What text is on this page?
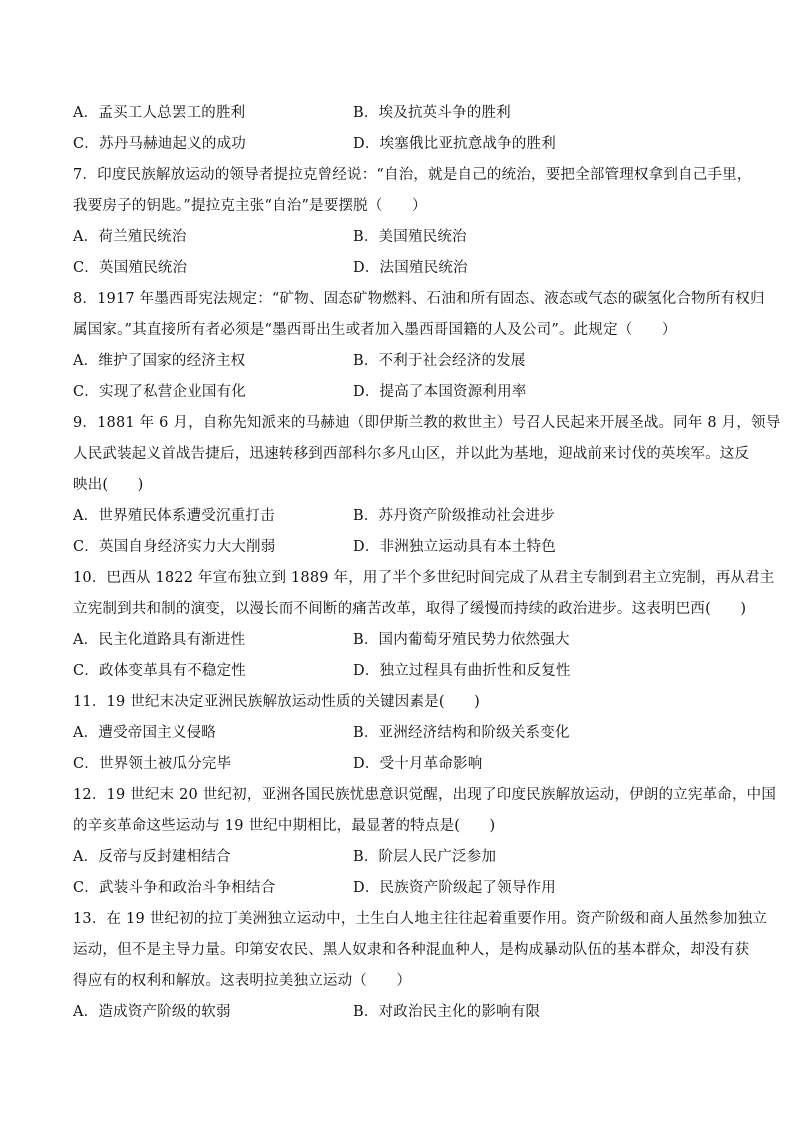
A．孟买工人总罢工的胜利	B．埃及抗英斗争的胜利
C．苏丹马赫迪起义的成功	D．埃塞俄比亚抗意战争的胜利
7．印度民族解放运动的领导者提拉克曾经说：“自治，就是自己的统治，要把全部管理权拿到自己手里，
我要房子的钥匙。”提拉克主张“自治”是要摆脱（　　）
A．荷兰殖民统治	B．美国殖民统治
C．英国殖民统治	D．法国殖民统治
8．1917 年墨西哥宪法规定：“矿物、固态矿物燃料、石油和所有固态、液态或气态的碳氢化合物所有权归
属国家。”其直接所有者必须是“墨西哥出生或者加入墨西哥国籍的人及公司”。此规定（　　）
A．维护了国家的经济主权	B．不利于社会经济的发展
C．实现了私营企业国有化	D．提高了本国资源利用率
9．1881 年 6 月，自称先知派来的马赫迪（即伊斯兰教的救世主）号召人民起来开展圣战。同年 8 月，领导
人民武装起义首战告捷后，迅速转移到西部科尔多凡山区，并以此为基地，迎战前来讨伐的英埃军。这反
映出(　　)
A．世界殖民体系遭受沉重打击	B．苏丹资产阶级推动社会进步
C．英国自身经济实力大大削弱	D．非洲独立运动具有本土特色
10．巴西从 1822 年宣布独立到 1889 年，用了半个多世纪时间完成了从君主专制到君主立宪制，再从君主
立宪制到共和制的演变，以漫长而不间断的痛苦改革，取得了缓慢而持续的政治进步。这表明巴西(　　)
A．民主化道路具有渐进性	B．国内葡萄牙殖民势力依然强大
C．政体变革具有不稳定性	D．独立过程具有曲折性和反复性
11．19 世纪末决定亚洲民族解放运动性质的关键因素是(　　)
A．遭受帝国主义侵略	B．亚洲经济结构和阶级关系变化
C．世界领土被瓜分完毕	D．受十月革命影响
12．19 世纪末 20 世纪初，亚洲各国民族忧患意识觉醒，出现了印度民族解放运动，伊朗的立宪革命，中国
的辛亥革命这些运动与 19 世纪中期相比，最显著的特点是(　　)
A．反帝与反封建相结合	B．阶层人民广泛参加
C．武装斗争和政治斗争相结合	D．民族资产阶级起了领导作用
13．在 19 世纪初的拉丁美洲独立运动中，土生白人地主往往起着重要作用。资产阶级和商人虽然参加独立
运动，但不是主导力量。印第安农民、黑人奴隶和各种混血种人，是构成暴动队伍的基本群众，却没有获
得应有的权利和解放。这表明拉美独立运动（　　）
A．造成资产阶级的软弱	B．对政治民主化的影响有限
